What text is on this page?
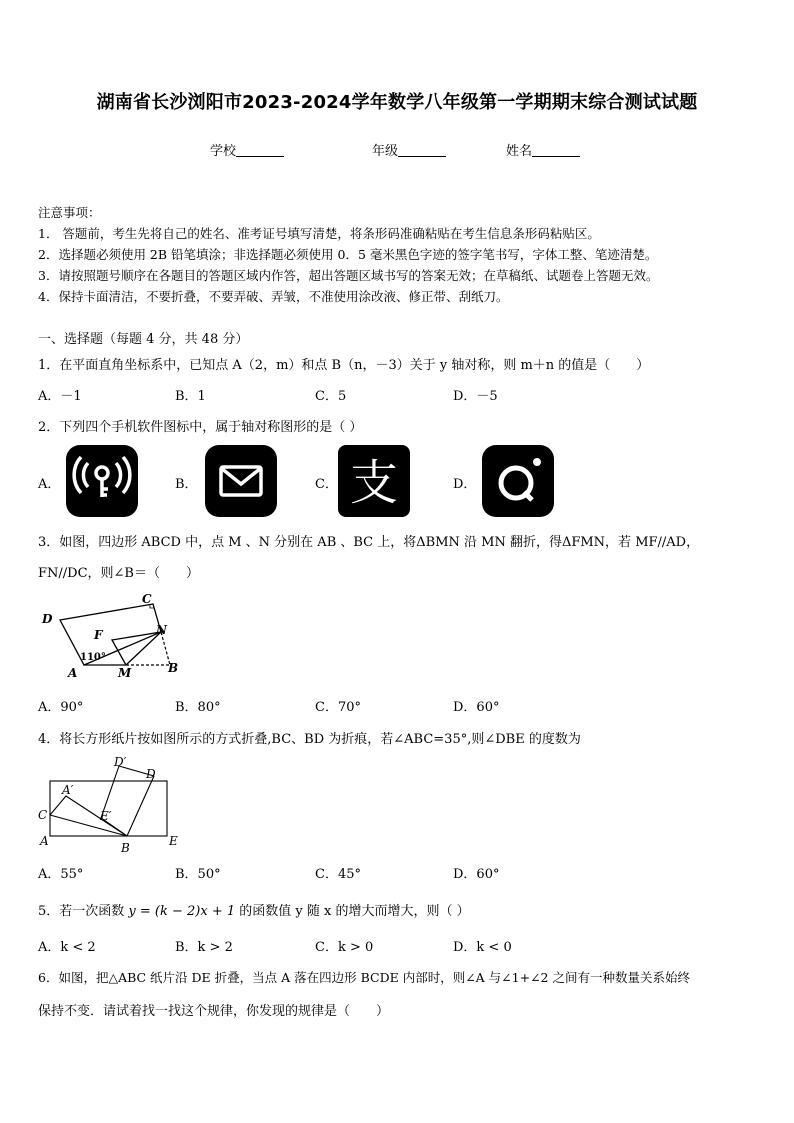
湖南省长沙浏阳市2023-2024学年数学八年级第一学期期末综合测试试题
学校	年级	姓名
注意事项：
1． 答题前，考生先将自己的姓名、准考证号填写清楚，将条形码准确粘贴在考生信息条形码粘贴区。
2．选择题必须使用 2B 铅笔填涂；非选择题必须使用 0．5 毫米黑色字迹的签字笔书写，字体工整、笔迹清楚。
3．请按照题号顺序在各题目的答题区域内作答，超出答题区域书写的答案无效；在草稿纸、试题卷上答题无效。
4．保持卡面清洁，不要折叠，不要弄破、弄皱，不准使用涂改液、修正带、刮纸刀。
一、选择题（每题 4 分，共 48 分）
1．在平面直角坐标系中，已知点 A（2，m）和点 B（n，－3）关于 y 轴对称，则 m＋n 的值是（　　）
A．－1	B．1	C．5	D．－5
2．下列四个手机软件图标中，属于轴对称图形的是（ ）
A．	B．	C．	D．
支
3．如图，四边形 ABCD 中，点 M 、N 分别在 AB 、BC 上，将ΔBMN 沿 MN 翻折，得ΔFMN，若 MF//AD，
FN//DC，则∠B＝（　　）
D
C
F	N
110°
A	M	B
A．90°	B．80°	C．70°	D．60°
4．将长方形纸片按如图所示的方式折叠,BC、BD 为折痕，若∠ABC=35°,则∠DBE 的度数为
D′
D
A′
C	E′
A	B	E
A．55°	B．50°	C．45°	D．60°
5．若一次函数 y = (k − 2)x + 1 的函数值 y 随 x 的增大而增大，则（ ）
A．k < 2	B．k > 2	C．k > 0	D．k < 0
6．如图，把△ABC 纸片沿 DE 折叠，当点 A 落在四边形 BCDE 内部时，则∠A 与∠1+∠2 之间有一种数量关系始终
保持不变．请试着找一找这个规律，你发现的规律是（　　）
